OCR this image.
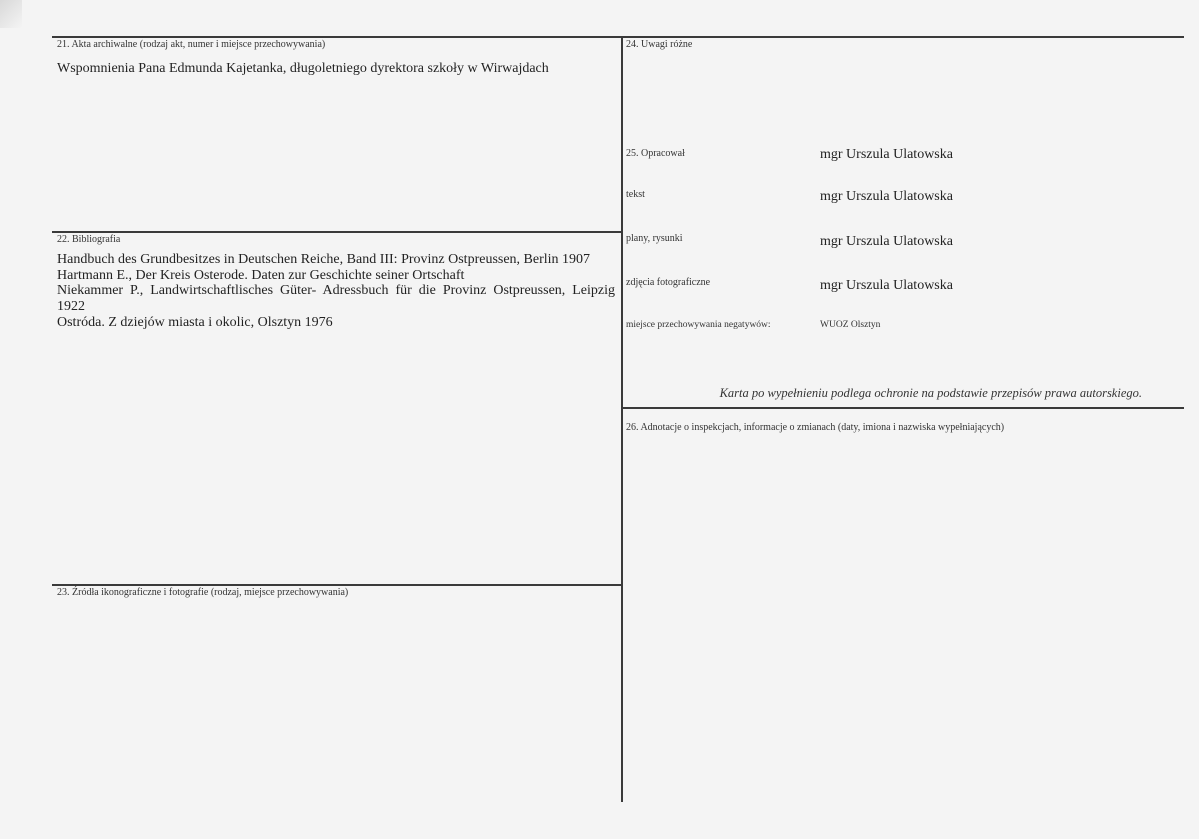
21. Akta archiwalne (rodzaj akt, numer i miejsce przechowywania)
Wspomnienia Pana Edmunda Kajetanka, długoletniego dyrektora szkoły w Wirwajdach
22. Bibliografia
Handbuch des Grundbesitzes in Deutschen Reiche, Band III: Provinz Ostpreussen, Berlin 1907
Hartmann E., Der Kreis Osterode. Daten zur Geschichte seiner Ortschaft
Niekammer P., Landwirtschaftlisches Güter- Adressbuch für die Provinz Ostpreussen, Leipzig 1922
Ostróda. Z dziejów miasta i okolic, Olsztyn 1976
23. Źródła ikonograficzne i fotografie (rodzaj, miejsce przechowywania)
24. Uwagi różne
25. Opracował	mgr Urszula Ulatowska
tekst	mgr Urszula Ulatowska
plany, rysunki	mgr Urszula Ulatowska
zdjęcia fotograficzne	mgr Urszula Ulatowska
miejsce przechowywania negatywów:	WUOZ Olsztyn
Karta po wypełnieniu podlega ochronie na podstawie przepisów prawa autorskiego.
26. Adnotacje o inspekcjach, informacje o zmianach (daty, imiona i nazwiska wypełniających)
